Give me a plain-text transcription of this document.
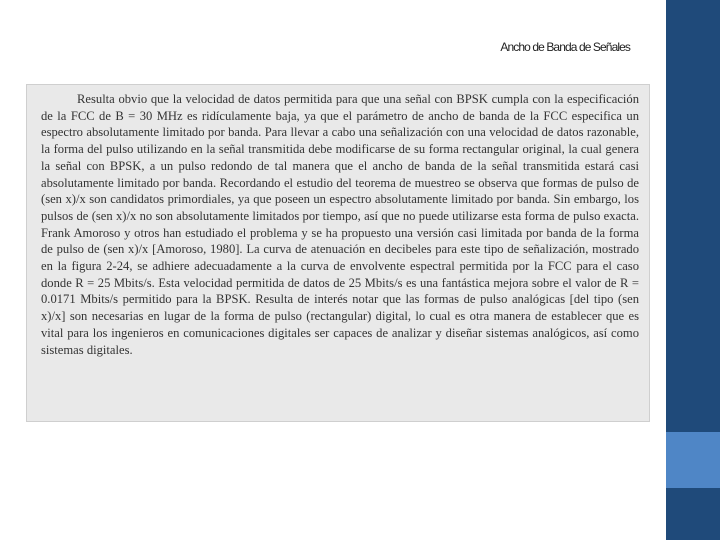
Ancho de Banda de Señales

Resulta obvio que la velocidad de datos permitida para que una señal con BPSK cumpla con la especificación de la FCC de B = 30 MHz es ridículamente baja, ya que el parámetro de ancho de banda de la FCC especifica un espectro absolutamente limitado por banda. Para llevar a cabo una señalización con una velocidad de datos razonable, la forma del pulso utilizando en la señal transmitida debe modificarse de su forma rectangular original, la cual genera la señal con BPSK, a un pulso redondo de tal manera que el ancho de banda de la señal transmitida estará casi absolutamente limitado por banda. Recordando el estudio del teorema de muestreo se observa que formas de pulso de (sen x)/x son candidatos primordiales, ya que poseen un espectro absolutamente limitado por banda. Sin embargo, los pulsos de (sen x)/x no son absolutamente limitados por tiempo, así que no puede utilizarse esta forma de pulso exacta. Frank Amoroso y otros han estudiado el problema y se ha propuesto una versión casi limitada por banda de la forma de pulso de (sen x)/x [Amoroso, 1980]. La curva de atenuación en decibeles para este tipo de señalización, mostrado en la figura 2-24, se adhiere adecuadamente a la curva de envolvente espectral permitida por la FCC para el caso donde R = 25 Mbits/s. Esta velocidad permitida de datos de 25 Mbits/s es una fantástica mejora sobre el valor de R = 0.0171 Mbits/s permitido para la BPSK. Resulta de interés notar que las formas de pulso analógicas [del tipo (sen x)/x] son necesarias en lugar de la forma de pulso (rectangular) digital, lo cual es otra manera de establecer que es vital para los ingenieros en comunicaciones digitales ser capaces de analizar y diseñar sistemas analógicos, así como sistemas digitales.
